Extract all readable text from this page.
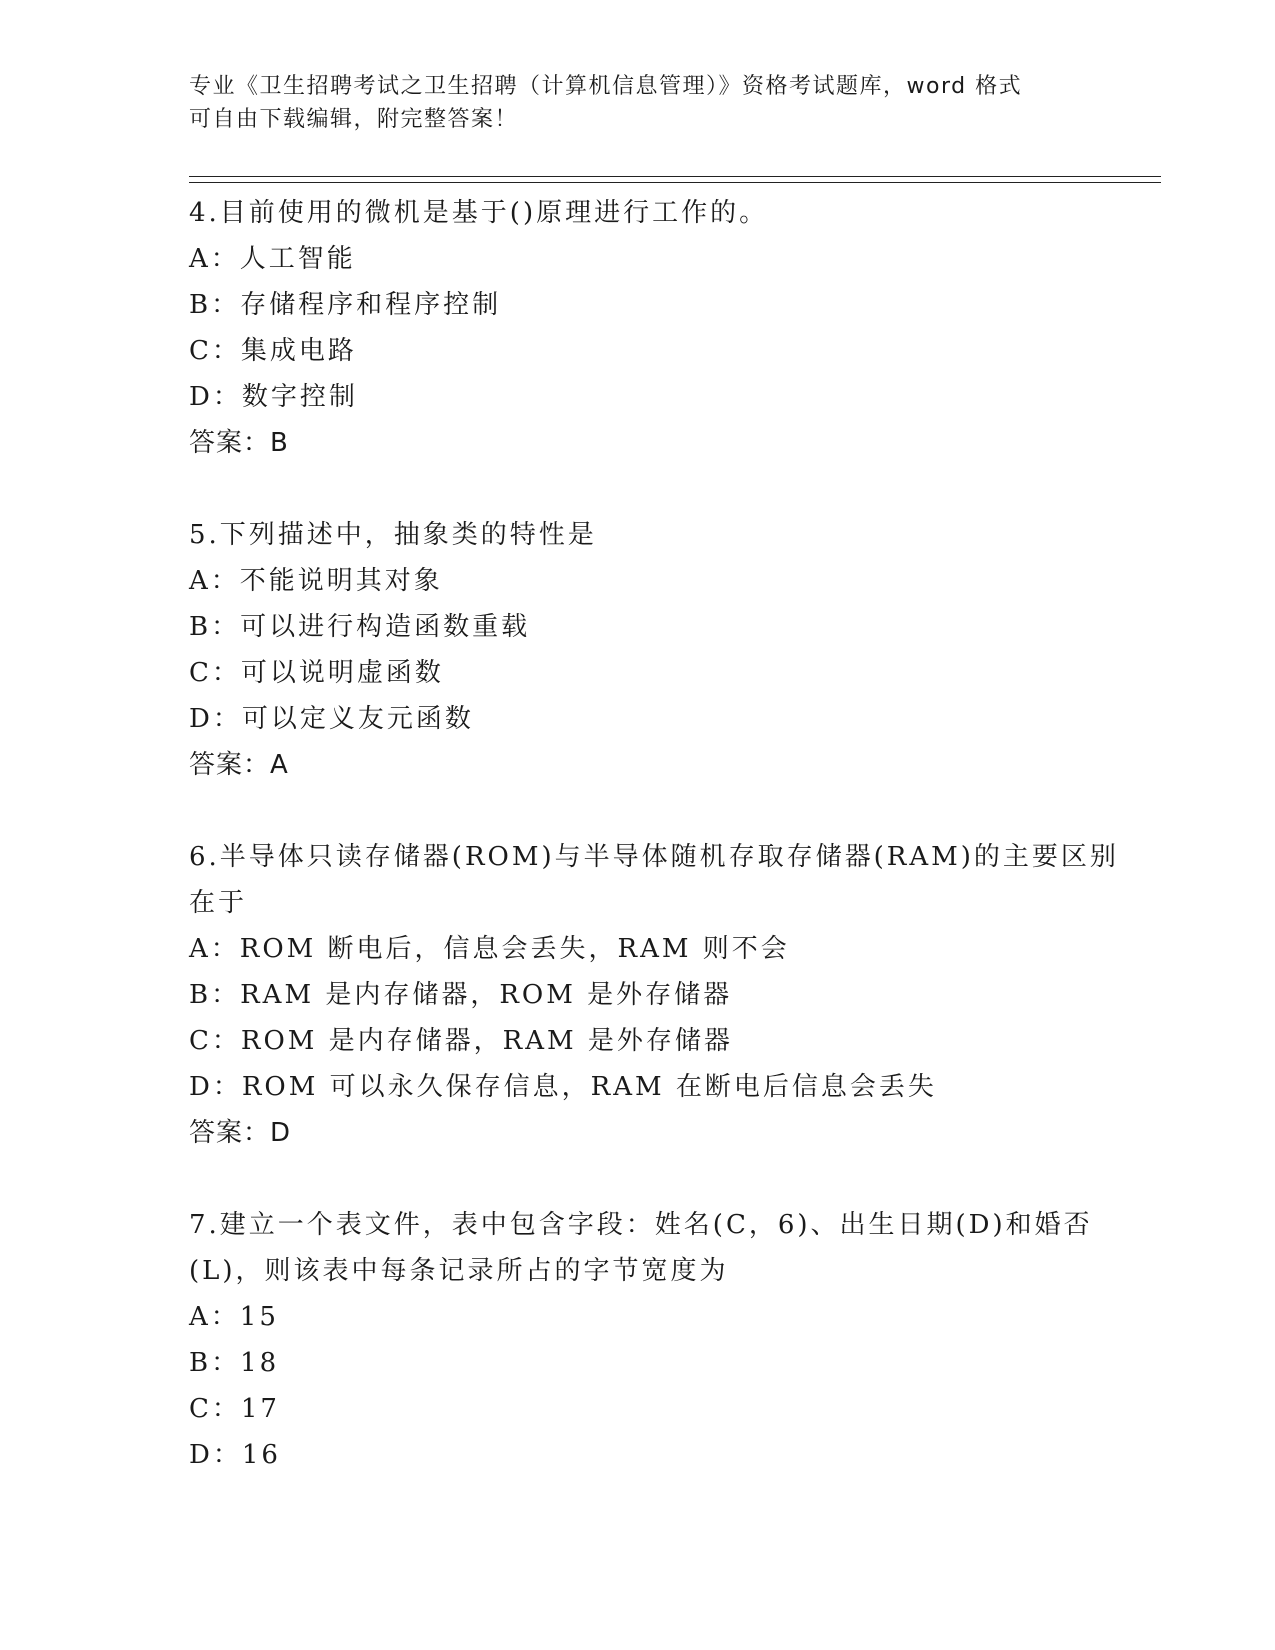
专业《卫生招聘考试之卫生招聘（计算机信息管理）》资格考试题库，word 格式
可自由下载编辑，附完整答案！
4.目前使用的微机是基于()原理进行工作的。
A：人工智能
B：存储程序和程序控制
C：集成电路
D：数字控制
答案：B
5.下列描述中，抽象类的特性是
A：不能说明其对象
B：可以进行构造函数重载
C：可以说明虚函数
D：可以定义友元函数
答案：A
6.半导体只读存储器(ROM)与半导体随机存取存储器(RAM)的主要区别
在于
A：ROM 断电后，信息会丢失，RAM 则不会
B：RAM 是内存储器，ROM 是外存储器
C：ROM 是内存储器，RAM 是外存储器
D：ROM 可以永久保存信息，RAM 在断电后信息会丢失
答案：D
7.建立一个表文件，表中包含字段：姓名(C，6)、出生日期(D)和婚否
(L)，则该表中每条记录所占的字节宽度为
A：15
B：18
C：17
D：16
